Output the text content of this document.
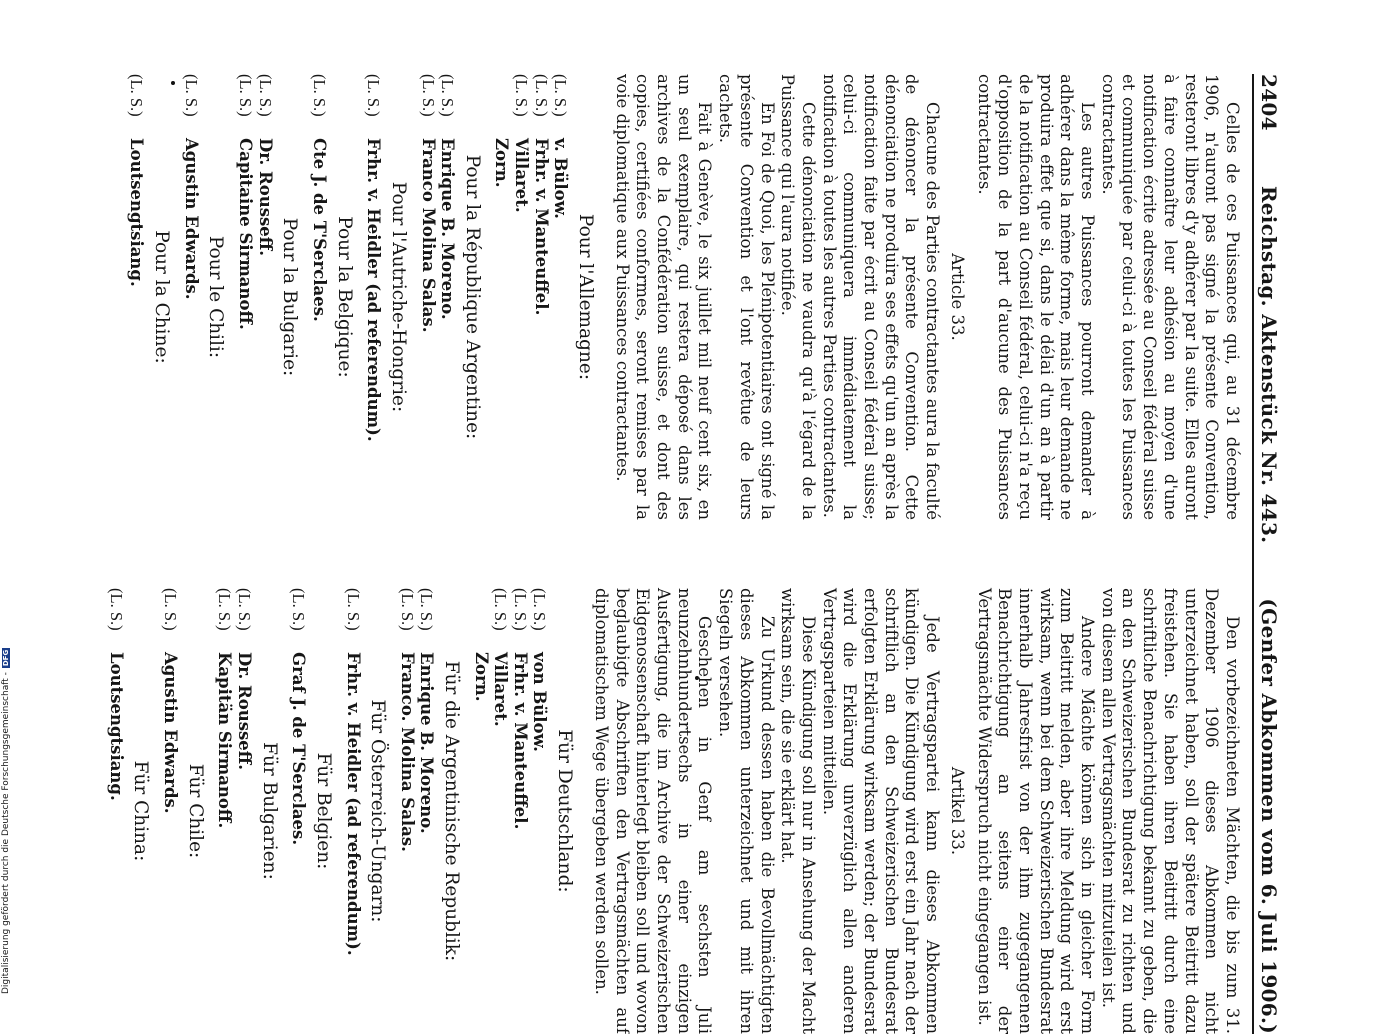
2404
Reichstag. Aktenstück Nr. 443.
(Genfer Abkommen vom 6. Juli 1906.)

Celles de ces Puissances qui, au 31 décembre 1906, n'auront pas signé la présente Convention, resteront libres d'y adhérer par la suite. Elles auront à faire connaître leur adhésion au moyen d'une notification écrite adressée au Conseil fédéral suisse et communiquée par celui-ci à toutes les Puissances contractantes.

Les autres Puissances pourront demander à adhérer dans la même forme, mais leur demande ne produira effet que si, dans le délai d'un an à partir de la notification au Conseil fédéral, celui-ci n'a reçu d'opposition de la part d'aucune des Puissances contractantes.

Article 33.

Chacune des Parties contractantes aura la faculté de dénoncer la présente Convention. Cette dénonciation ne produira ses effets qu'un an après la notification faite par écrit au Conseil fédéral suisse; celui-ci communiquera immédiatement la notification à toutes les autres Parties contractantes.

Cette dénonciation ne vaudra qu'à l'égard de la Puissance qui l'aura notifiée.

En Foi de Quoi, les Plénipotentiaires ont signé la présente Convention et l'ont revêtue de leurs cachets.

Fait à Genève, le six juillet mil neuf cent six, en un seul exemplaire, qui restera déposé dans les archives de la Confédération suisse, et dont des copies, certifiées conformes, seront remises par la voie diplomatique aux Puissances contractantes.

Pour l'Allemagne:
(L. S.)
v. Bülow.
(L. S.)
Frhr. v. Manteuffel.
(L. S.)
Villaret.
Zorn.
Pour la République Argentine:
(L. S.)
Enrique B. Moreno.
(L. S.)
Franco Molina Salas.
Pour l'Autriche-Hongrie:
(L. S.)
Frhr. v. Heidler (ad referendum).
Pour la Belgique:
(L. S.)
Cte J. de T'Serclaes.
Pour la Bulgarie:
(L. S.)
Dr. Rousseff.
(L. S.)
Capitaine Sirmanoff.
Pour le Chili:
(L. S.)
Agustin Edwards.
Pour la Chine:
(L. S.)
Loutsengtsiang.

Den vorbezeichneten Mächten, die bis zum 31. Dezember 1906 dieses Abkommen nicht unterzeichnet haben, soll der spätere Beitritt dazu freistehen. Sie haben ihren Beitritt durch eine schriftliche Benachrichtigung bekannt zu geben, die an den Schweizerischen Bundesrat zu richten und von diesem allen Vertragsmächten mitzuteilen ist.

Andere Mächte können sich in gleicher Form zum Beitritt melden, aber ihre Meldung wird erst wirksam, wenn bei dem Schweizerischen Bundesrat innerhalb Jahresfrist von der ihm zugegangenen Benachrichtigung an seitens einer der Vertragsmächte Widerspruch nicht eingegangen ist.

Artikel 33.

Jede Vertragspartei kann dieses Abkommen kündigen. Die Kündigung wird erst ein Jahr nach der schriftlich an den Schweizerischen Bundesrat erfolgten Erklärung wirksam werden; der Bundesrat wird die Erklärung unverzüglich allen anderen Vertragsparteien mitteilen.

Diese Kündigung soll nur in Ansehung der Macht wirksam sein, die sie erklärt hat.

Zu Urkund dessen haben die Bevollmächtigten dieses Abkommen unterzeichnet und mit ihren Siegeln versehen.

Geschehen in Genf am sechsten Juli neunzehnhundertsechs in einer einzigen Ausfertigung, die im Archive der Schweizerischen Eidgenossenschaft hinterlegt bleiben soll und wovon beglaubigte Abschriften den Vertragsmächten auf diplomatischem Wege übergeben werden sollen.

Für Deutschland:
(L. S.)
von Bülow.
(L. S.)
Frhr. v. Manteuffel.
(L. S.)
Villaret.
Zorn.
Für die Argentinische Republik:
(L. S.)
Enrique B. Moreno.
(L. S.)
Franco. Molina Salas.
Für Österreich-Ungarn:
(L. S.)
Frhr. v. Heidler (ad referendum).
Für Belgien:
(L. S.)
Graf J. de T'Serclaes.
Für Bulgarien:
(L. S.)
Dr. Rousseff.
(L. S.)
Kapitän Sirmanoff.
Für Chile:
(L. S.)
Agustin Edwards.
Für China:
(L. S.)
Loutsengtsiang.
Digitalisierung gefördert durch die Deutsche Forschungsgemeinschaft -
DFG
